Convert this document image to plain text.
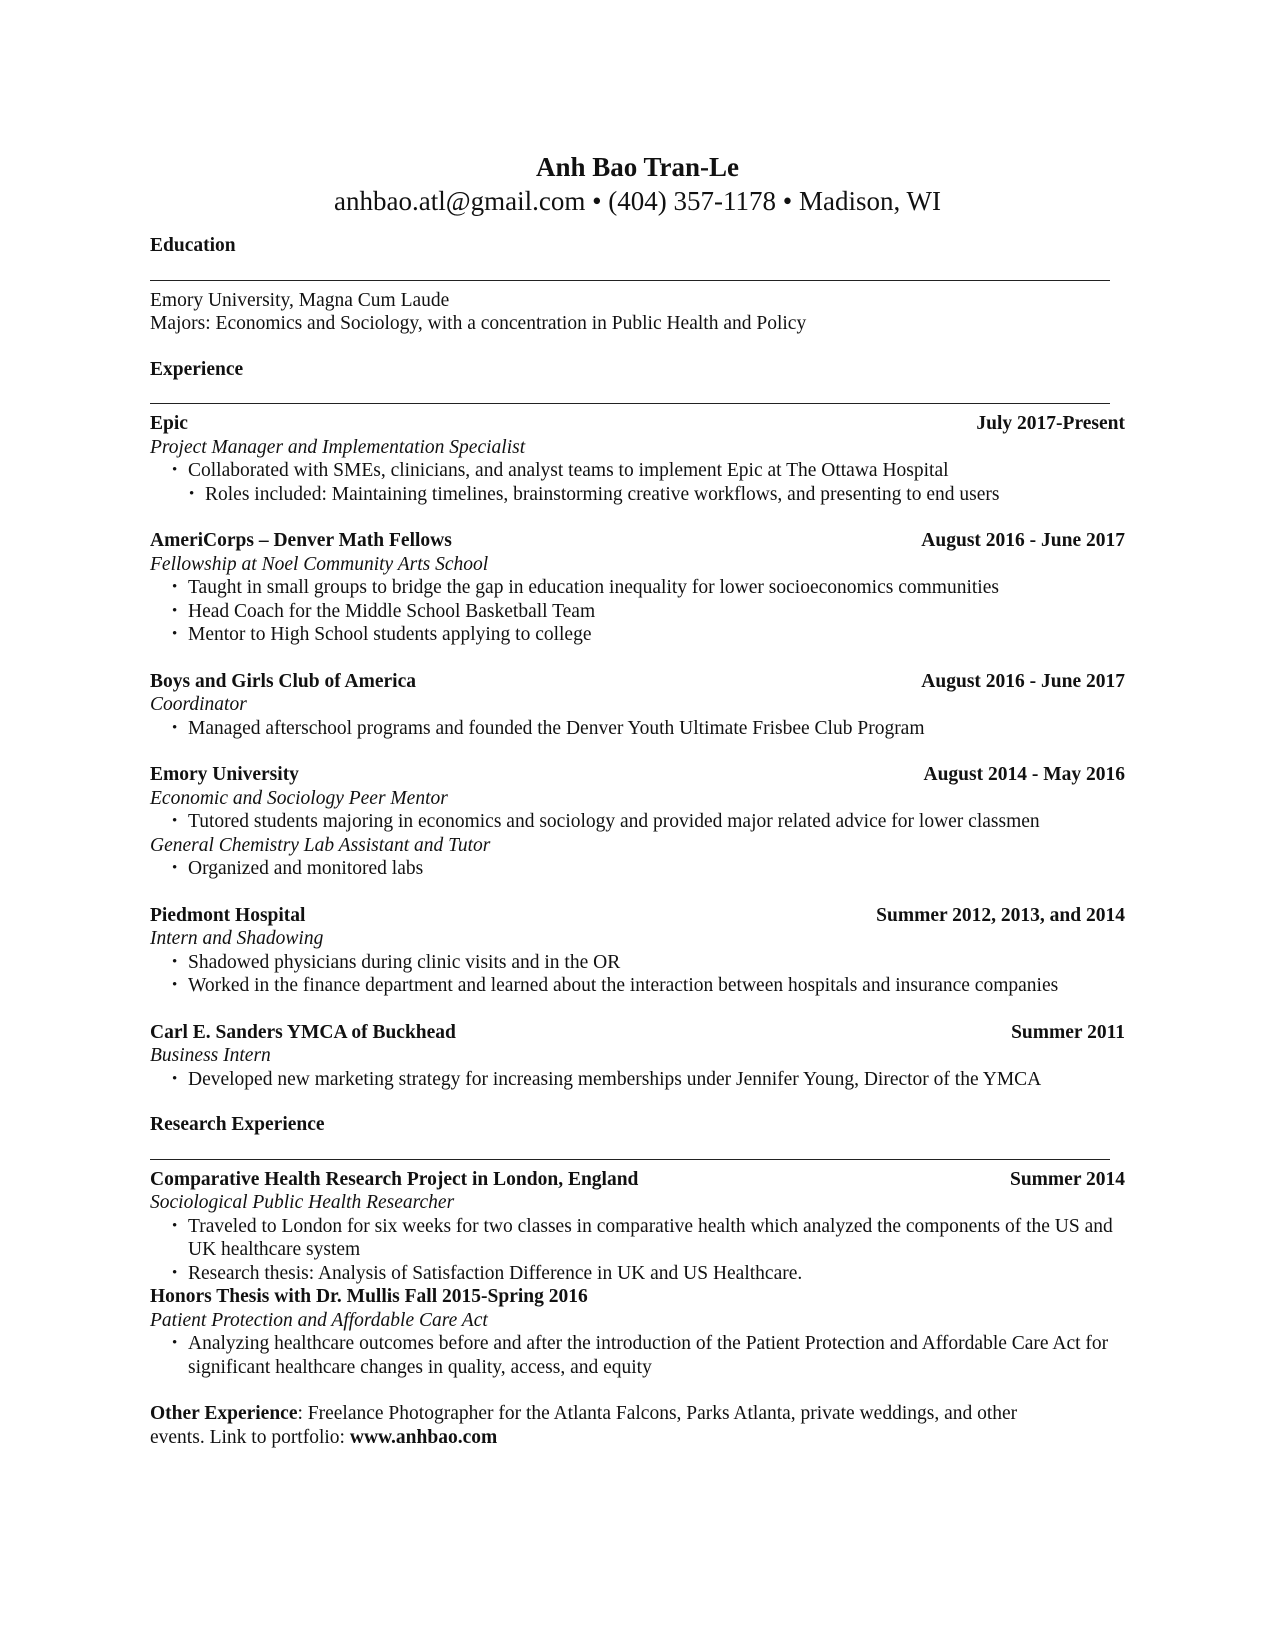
Anh Bao Tran-Le
anhbao.atl@gmail.com • (404) 357-1178 • Madison, WI
Education

Emory University, Magna Cum Laude

Majors: Economics and Sociology, with a concentration in Public Health and Policy

Experience
Epic	July 2017-Present
Project Manager and Implementation Specialist
• Collaborated with SMEs, clinicians, and analyst teams to implement Epic at The Ottawa Hospital
• Roles included: Maintaining timelines, brainstorming creative workflows, and presenting to end users
AmeriCorps – Denver Math Fellows	August 2016 - June 2017
Fellowship at Noel Community Arts School
• Taught in small groups to bridge the gap in education inequality for lower socioeconomics communities
• Head Coach for the Middle School Basketball Team
• Mentor to High School students applying to college
Boys and Girls Club of America	August 2016 - June 2017
Coordinator
• Managed afterschool programs and founded the Denver Youth Ultimate Frisbee Club Program
Emory University	August 2014 - May 2016
Economic and Sociology Peer Mentor
• Tutored students majoring in economics and sociology and provided major related advice for lower classmen
General Chemistry Lab Assistant and Tutor
• Organized and monitored labs
Piedmont Hospital	Summer 2012, 2013, and 2014
Intern and Shadowing
• Shadowed physicians during clinic visits and in the OR
• Worked in the finance department and learned about the interaction between hospitals and insurance companies
Carl E. Sanders YMCA of Buckhead	Summer 2011
Business Intern
• Developed new marketing strategy for increasing memberships under Jennifer Young, Director of the YMCA
Research Experience
Comparative Health Research Project in London, England	Summer 2014
Sociological Public Health Researcher
• Traveled to London for six weeks for two classes in comparative health which analyzed the components of the US and UK healthcare system
• Research thesis: Analysis of Satisfaction Difference in UK and US Healthcare.
Honors Thesis with Dr. Mullis Fall 2015-Spring 2016
Patient Protection and Affordable Care Act
• Analyzing healthcare outcomes before and after the introduction of the Patient Protection and Affordable Care Act for significant healthcare changes in quality, access, and equity
Other Experience: Freelance Photographer for the Atlanta Falcons, Parks Atlanta, private weddings, and other events. Link to portfolio: www.anhbao.com
